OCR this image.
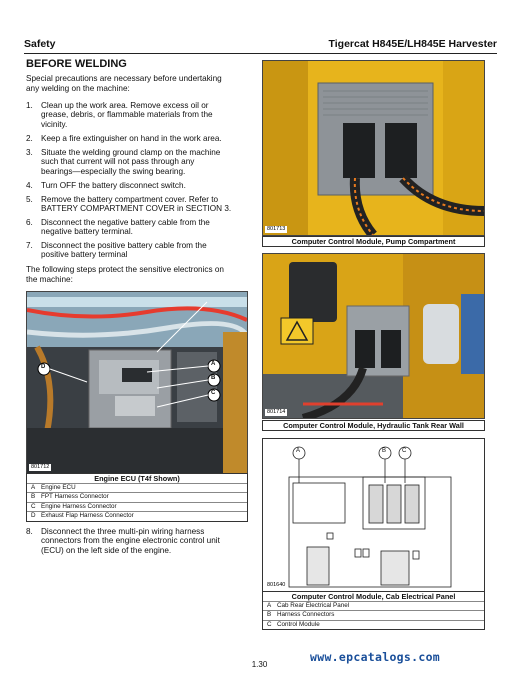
Safety	Tigercat H845E/LH845E Harvester
BEFORE WELDING
Special precautions are necessary before undertaking
any welding on the machine:
1. Clean up the work area. Remove excess oil or
grease, debris, or flammable materials from the
vicinity.
2. Keep a fire extinguisher on hand in the work area.
3. Situate the welding ground clamp on the machine
such that current will not pass through any
bearings—especially the swing bearing.
4. Turn OFF the battery disconnect switch.
5. Remove the battery compartment cover. Refer to
BATTERY COMPARTMENT COVER in SECTION 3.
6. Disconnect the negative battery cable from the
negative battery terminal.
7. Disconnect the positive battery cable from the
positive battery terminal
The following steps protect the sensitive electronics on
the machine:
D	A
B
C
801712
Engine ECU (T4f Shown)
A Engine ECU
B FPT Harness Connector
C Engine Harness Connector
D Exhaust Flap Harness Connector
8. Disconnect the three multi-pin wiring harness
connectors from the engine electronic control unit
(ECU) on the left side of the engine.
801713
Computer Control Module, Pump Compartment
801714
Computer Control Module, Hydraulic Tank Rear Wall
A	B	C
801640
Computer Control Module, Cab Electrical Panel
A Cab Rear Electrical Panel
B Harness Connectors
C Control Module
1.30
www.epcatalogs.com
